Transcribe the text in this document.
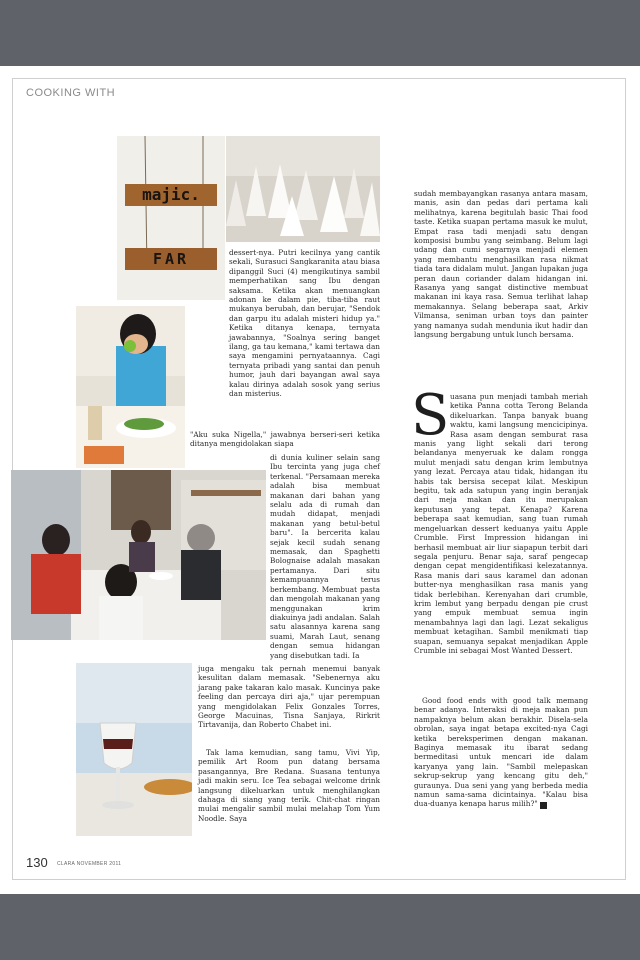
COOKING WITH
majic.
FAR	dessert-nya. Putri kecilnya yang cantik sekali, Surasuci Sangkaranita atau biasa dipanggil Suci (4) mengikutinya sambil memperhatikan sang Ibu dengan saksama. Ketika akan menuangkan adonan ke dalam pie, tiba-tiba raut mukanya berubah, dan berujar, "Sendok dan garpu itu adalah misteri hidup ya." Ketika ditanya kenapa, ternyata jawabannya, "Soalnya sering banget ilang, ga tau kemana," kami tertawa dan saya mengamini pernyataannya. Cagi ternyata pribadi yang santai dan penuh humor, jauh dari bayangan awal saya kalau dirinya adalah sosok yang serius dan misterius.

"Aku suka Nigella," jawabnya berseri-seri ketika ditanya mengidolakan siapa

di dunia kuliner selain sang Ibu tercinta yang juga chef terkenal. "Persamaan mereka adalah bisa membuat makanan dari bahan yang selalu ada di rumah dan mudah didapat, menjadi makanan yang betul-betul baru". Ia bercerita kalau sejak kecil sudah senang memasak, dan Spaghetti Bolognaise adalah masakan pertamanya. Dari situ kemampuannya terus berkembang. Membuat pasta dan mengolah makanan yang menggunakan krim diakuinya jadi andalan. Salah satu alasannya karena sang suami, Marah Laut, senang dengan semua hidangan yang disebutkan tadi. Ia

juga mengaku tak pernah menemui banyak kesulitan dalam memasak. "Sebenernya aku jarang pake takaran kalo masak. Kuncinya pake feeling dan percaya diri aja," ujar perempuan yang mengidolakan Felix Gonzales Torres, George Macuinas, Tisna Sanjaya, Rirkrit Tirtavanija, dan Roberto Chabet ini.

Tak lama kemudian, sang tamu, Vivi Yip, pemilik Art Room pun datang bersama pasangannya, Bre Redana. Suasana tentunya jadi makin seru. Ice Tea sebagai welcome drink langsung dikeluarkan untuk menghilangkan dahaga di siang yang terik. Chit-chat ringan mulai mengalir sambil mulai melahap Tom Yum Noodle. Saya

sudah membayangkan rasanya antara masam, manis, asin dan pedas dari pertama kali melihatnya, karena begitulah basic Thai food taste. Ketika suapan pertama masuk ke mulut, Empat rasa tadi menjadi satu dengan komposisi bumbu yang seimbang. Belum lagi udang dan cumi segarnya menjadi elemen yang membantu menghasilkan rasa nikmat tiada tara didalam mulut. Jangan lupakan juga peran daun coriander dalam hidangan ini. Rasanya yang sangat distinctive membuat makanan ini kaya rasa. Semua terlihat lahap memakannya. Selang beberapa saat, Arkiv Vilmansa, seniman urban toys dan painter yang namanya sudah mendunia ikut hadir dan langsung bergabung untuk lunch bersama.

S uasana pun menjadi tambah meriah ketika Panna cotta Terong Belanda dikeluarkan. Tanpa banyak buang waktu, kami langsung mencicipinya. Rasa asam dengan semburat rasa manis yang light sekali dari terong belandanya menyeruak ke dalam rongga mulut menjadi satu dengan krim lembutnya yang lezat. Percaya atau tidak, hidangan itu habis tak bersisa secepat kilat. Meskipun begitu, tak ada satupun yang ingin beranjak dari meja makan dan itu merupakan keputusan yang tepat. Kenapa? Karena beberapa saat kemudian, sang tuan rumah mengeluarkan dessert keduanya yaitu Apple Crumble. First Impression hidangan ini berhasil membuat air liur siapapun terbit dari segala penjuru. Benar saja, saraf pengecap dengan cepat mengidentifikasi kelezatannya. Rasa manis dari saus karamel dan adonan butter-nya menghasilkan rasa manis yang tidak berlebihan. Kerenyahan dari crumble, krim lembut yang berpadu dengan pie crust yang empuk membuat semua ingin menambahnya lagi dan lagi. Lezat sekaligus membuat ketagihan. Sambil menikmati tiap suapan, semuanya sepakat menjadikan Apple Crumble ini sebagai Most Wanted Dessert.

Good food ends with good talk memang benar adanya. Interaksi di meja makan pun nampaknya belum akan berakhir. Disela-sela obrolan, saya ingat betapa excited-nya Cagi ketika bereksperimen dengan makanan. Baginya memasak itu ibarat sedang bermeditasi untuk mencari ide dalam karyanya yang lain. "Sambil melepaskan sekrup-sekrup yang kencang gitu deh," guraunya. Dua seni yang yang berbeda media namun sama-sama dicintainya. "Kalau bisa dua-duanya kenapa harus milih?" C

130 CLARA NOVEMBER 2011
